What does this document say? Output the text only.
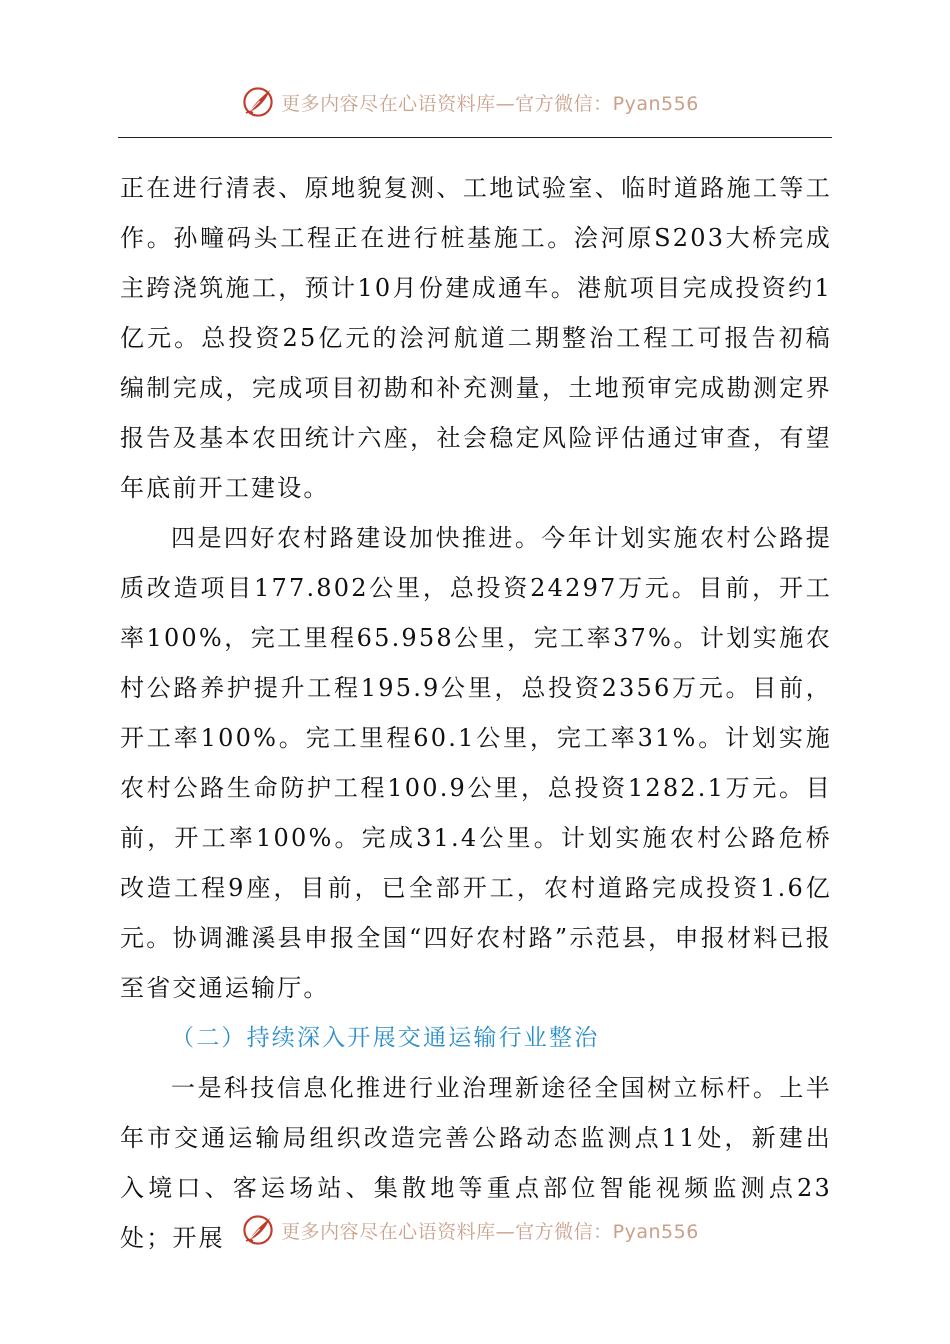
更多内容尽在心语资料库—官方微信：Pyan556

正在进行清表、原地貌复测、工地试验室、临时道路施工等工作。孙疃码头工程正在进行桩基施工。浍河原S203大桥完成主跨浇筑施工，预计10月份建成通车。港航项目完成投资约1亿元。总投资25亿元的浍河航道二期整治工程工可报告初稿编制完成，完成项目初勘和补充测量，土地预审完成勘测定界报告及基本农田统计六座，社会稳定风险评估通过审查，有望年底前开工建设。

四是四好农村路建设加快推进。今年计划实施农村公路提质改造项目177.802公里，总投资24297万元。目前，开工率100%，完工里程65.958公里，完工率37%。计划实施农村公路养护提升工程195.9公里，总投资2356万元。目前，开工率100%。完工里程60.1公里，完工率31%。计划实施农村公路生命防护工程100.9公里，总投资1282.1万元。目前，开工率100%。完成31.4公里。计划实施农村公路危桥改造工程9座，目前，已全部开工，农村道路完成投资1.6亿元。协调濉溪县申报全国“四好农村路”示范县，申报材料已报至省交通运输厅。

（二）持续深入开展交通运输行业整治

一是科技信息化推进行业治理新途径全国树立标杆。上半年市交通运输局组织改造完善公路动态监测点11处，新建出入境口、客运场站、集散地等重点部位智能视频监测点23处；开展	更多内容尽在心语资料库—官方微信：Pyan556
